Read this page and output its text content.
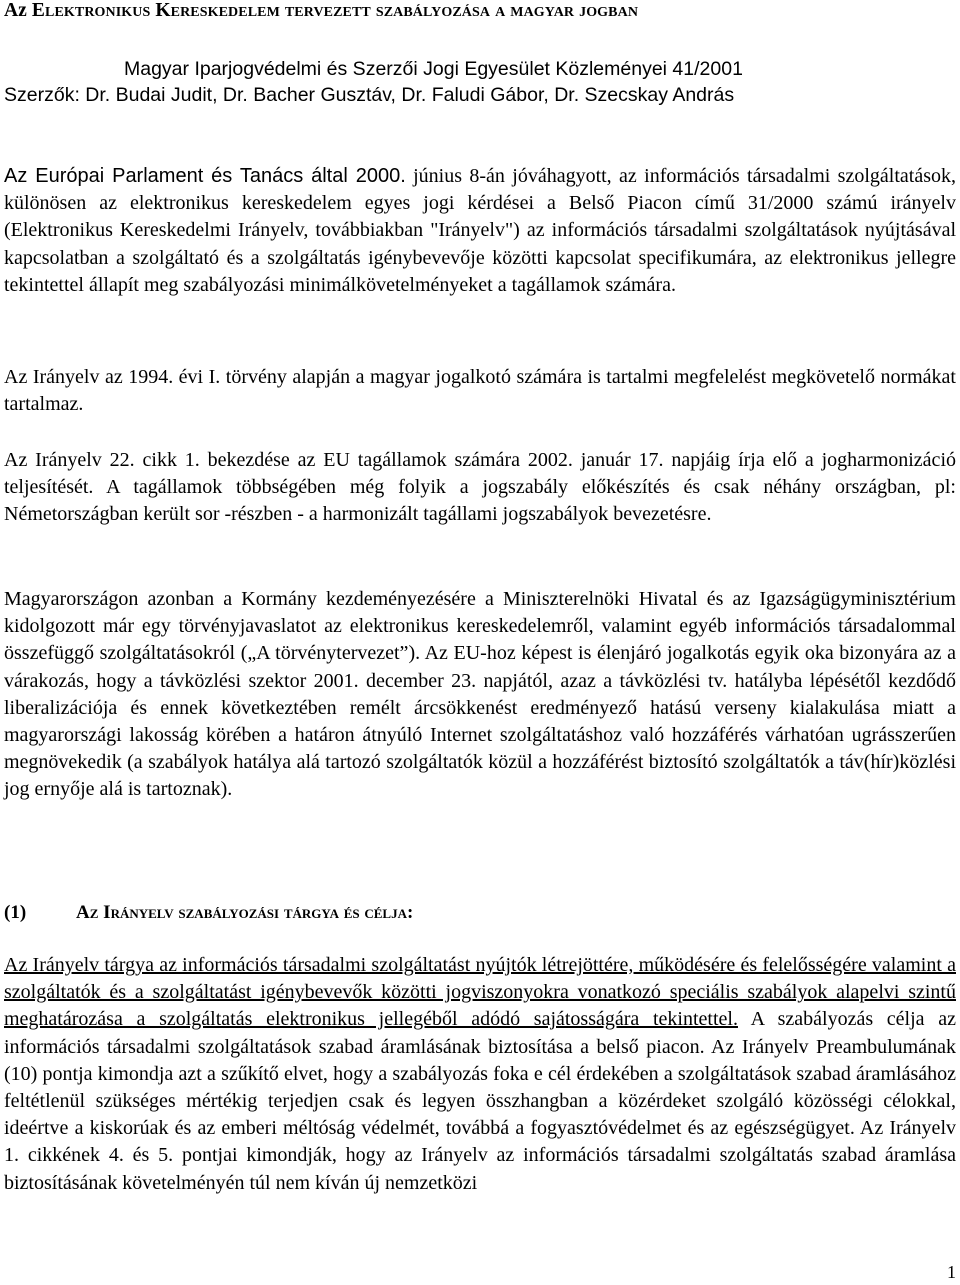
Az Elektronikus Kereskedelem tervezett szabályozása a magyar jogban
Magyar Iparjogvédelmi és Szerzői Jogi Egyesület Közleményei 41/2001
Szerzők: Dr. Budai Judit, Dr. Bacher Gusztáv, Dr. Faludi Gábor, Dr. Szecskay András

Az Európai Parlament és Tanács által 2000. június 8-án jóváhagyott, az információs társadalmi szolgáltatások, különösen az elektronikus kereskedelem egyes jogi kérdései a Belső Piacon című 31/2000 számú irányelv (Elektronikus Kereskedelmi Irányelv, továbbiakban "Irányelv") az információs társadalmi szolgáltatások nyújtásával kapcsolatban a szolgáltató és a szolgáltatás igénybevevője közötti kapcsolat specifikumára, az elektronikus jellegre tekintettel állapít meg szabályozási minimálkövetelményeket a tagállamok számára.

Az Irányelv az 1994. évi I. törvény alapján a magyar jogalkotó számára is tartalmi megfelelést megkövetelő normákat tartalmaz.

Az Irányelv 22. cikk 1. bekezdése az EU tagállamok számára 2002. január 17. napjáig írja elő a jogharmonizáció teljesítését. A tagállamok többségében még folyik a jogszabály előkészítés és csak néhány országban, pl: Németországban került sor -részben - a harmonizált tagállami jogszabályok bevezetésre.

Magyarországon azonban a Kormány kezdeményezésére a Miniszterelnöki Hivatal és az Igazságügyminisztérium kidolgozott már egy törvényjavaslatot az elektronikus kereskedelemről, valamint egyéb információs társadalommal összefüggő szolgáltatásokról („A törvénytervezet”). Az EU-hoz képest is élenjáró jogalkotás egyik oka bizonyára az a várakozás, hogy a távközlési szektor 2001. december 23. napjától, azaz a távközlési tv. hatályba lépésétől kezdődő liberalizációja és ennek következtében remélt árcsökkenést eredményező hatású verseny kialakulása miatt a magyarországi lakosság körében a határon átnyúló Internet szolgáltatáshoz való hozzáférés várhatóan ugrásszerűen megnövekedik (a szabályok hatálya alá tartozó szolgáltatók közül a hozzáférést biztosító szolgáltatók a táv(hír)közlési jog ernyője alá is tartoznak).

(1)	Az Irányelv szabályozási tárgya és célja:

Az Irányelv tárgya az információs társadalmi szolgáltatást nyújtók létrejöttére, működésére és felelősségére valamint a szolgáltatók és a szolgáltatást igénybevevők közötti jogviszonyokra vonatkozó speciális szabályok alapelvi szintű meghatározása a szolgáltatás elektronikus jellegéből adódó sajátosságára tekintettel. A szabályozás célja az információs társadalmi szolgáltatások szabad áramlásának biztosítása a belső piacon. Az Irányelv Preambulumának (10) pontja kimondja azt a szűkítő elvet, hogy a szabályozás foka e cél érdekében a szolgáltatások szabad áramlásához feltétlenül szükséges mértékig terjedjen csak és legyen összhangban a közérdeket szolgáló közösségi célokkal, ideértve a kiskorúak és az emberi méltóság védelmét, továbbá a fogyasztóvédelmet és az egészségügyet. Az Irányelv 1. cikkének 4. és 5. pontjai kimondják, hogy az Irányelv az információs társadalmi szolgáltatás szabad áramlása biztosításának követelményén túl nem kíván új nemzetközi

1
